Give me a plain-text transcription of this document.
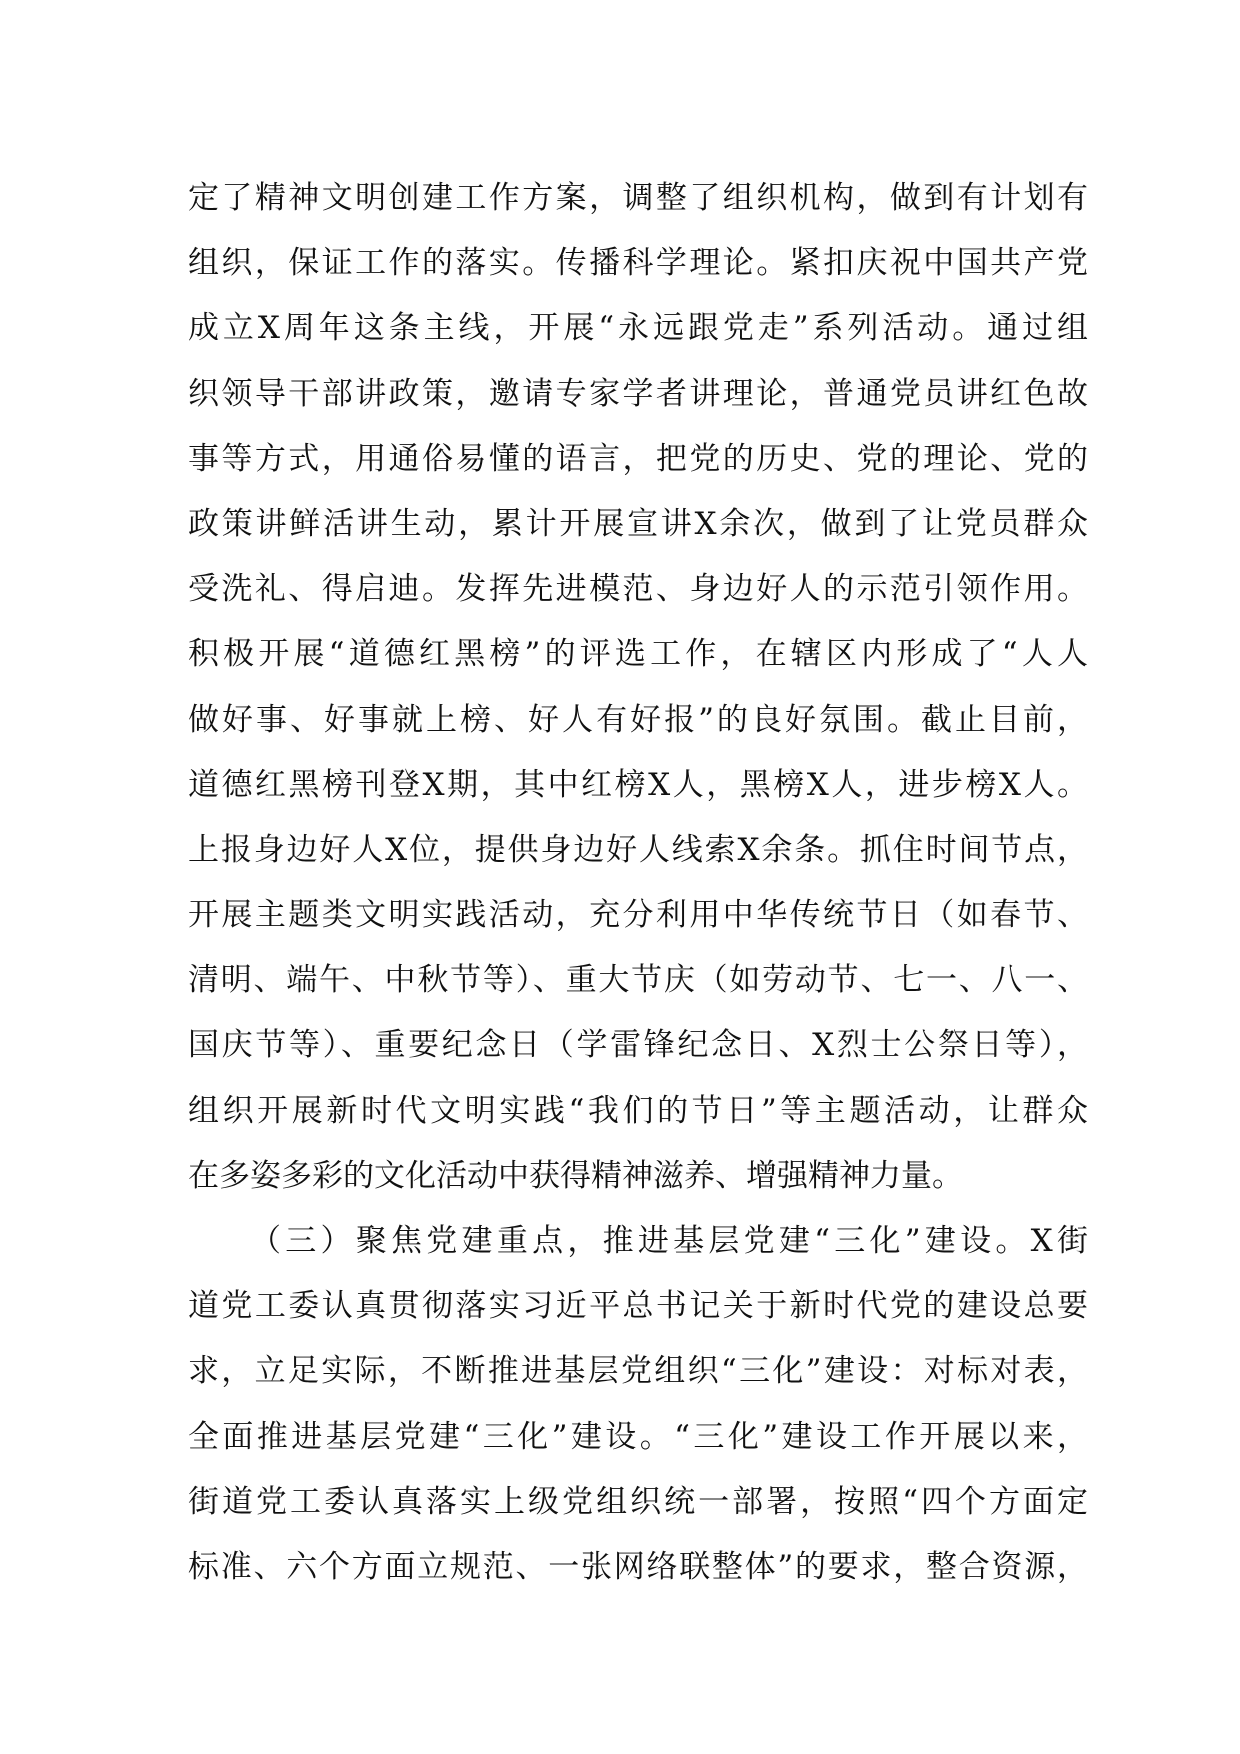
定了精神文明创建工作方案，调整了组织机构，做到有计划有
组织，保证工作的落实。传播科学理论。紧扣庆祝中国共产党
成立X周年这条主线，开展“永远跟党走”系列活动。通过组
织领导干部讲政策，邀请专家学者讲理论，普通党员讲红色故
事等方式，用通俗易懂的语言，把党的历史、党的理论、党的
政策讲鲜活讲生动，累计开展宣讲X余次，做到了让党员群众
受洗礼、得启迪。发挥先进模范、身边好人的示范引领作用。
积极开展“道德红黑榜”的评选工作，在辖区内形成了“人人
做好事、好事就上榜、好人有好报”的良好氛围。截止目前，
道德红黑榜刊登X期，其中红榜X人，黑榜X人，进步榜X人。
上报身边好人X位，提供身边好人线索X余条。抓住时间节点，
开展主题类文明实践活动，充分利用中华传统节日（如春节、
清明、端午、中秋节等）、重大节庆（如劳动节、七一、八一、
国庆节等）、重要纪念日（学雷锋纪念日、X烈士公祭日等），
组织开展新时代文明实践“我们的节日”等主题活动，让群众
在多姿多彩的文化活动中获得精神滋养、增强精神力量。
（三）聚焦党建重点，推进基层党建“三化”建设。X街
道党工委认真贯彻落实习近平总书记关于新时代党的建设总要
求，立足实际，不断推进基层党组织“三化”建设：对标对表，
全面推进基层党建“三化”建设。“三化”建设工作开展以来，
街道党工委认真落实上级党组织统一部署，按照“四个方面定
标准、六个方面立规范、一张网络联整体”的要求，整合资源，
